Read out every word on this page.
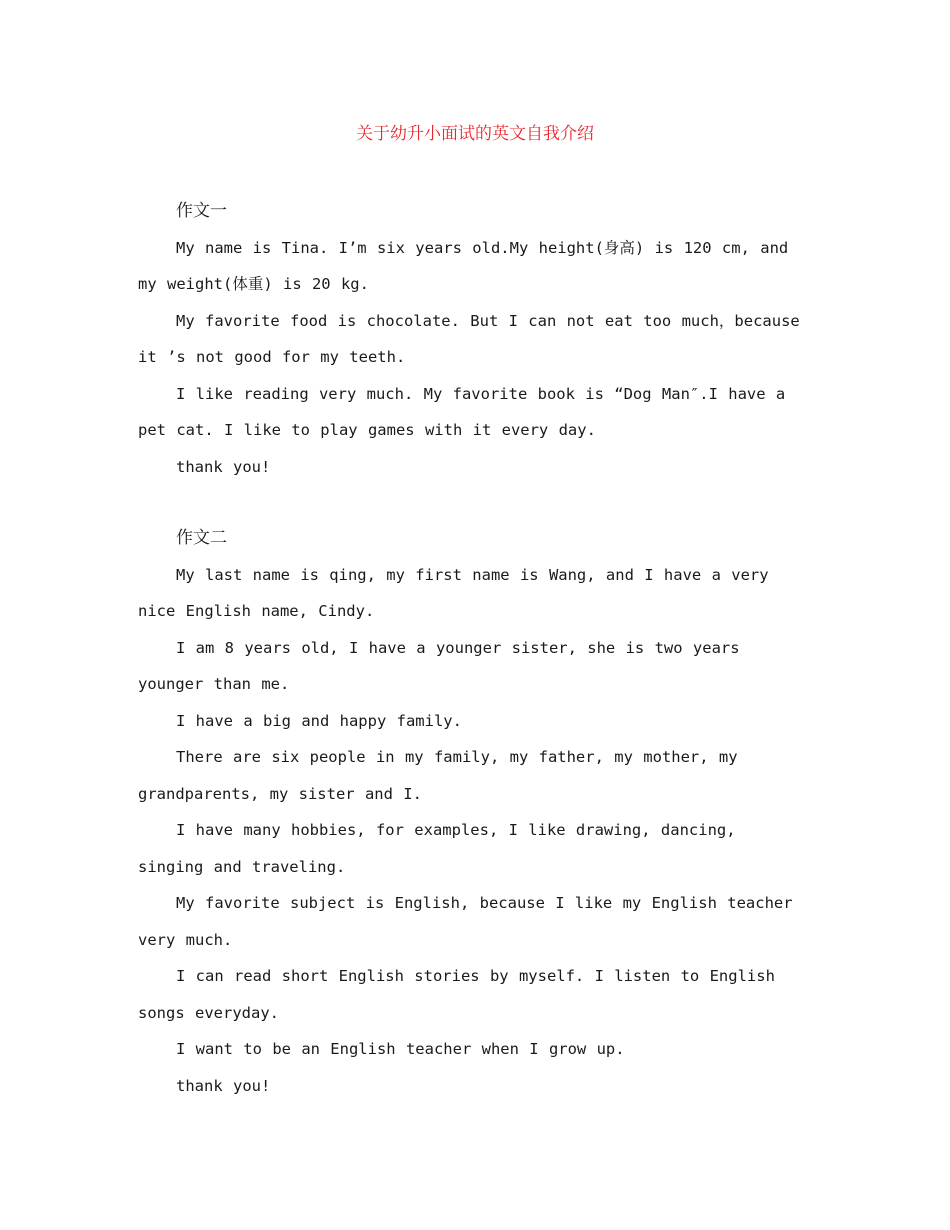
关于幼升小面试的英文自我介绍

作文一

My name is Tina. I’m six years old.My height(身高) is 120 cm, and my weight(体重) is 20 kg.

My favorite food is chocolate. But I can not eat too much，because it ’s not good for my teeth.

I like reading very much. My favorite book is “Dog Man″.I have a pet cat. I like to play games with it every day.

thank you!

作文二

My last name is qing, my first name is Wang, and I have a very nice English name, Cindy.

I am 8 years old, I have a younger sister, she is two years younger than me.

I have a big and happy family.

There are six people in my family, my father, my mother, my grandparents, my sister and I.

I have many hobbies, for examples, I like drawing, dancing, singing and traveling.

My favorite subject is English, because I like my English teacher very much.

I can read short English stories by myself. I listen to English songs everyday.

I want to be an English teacher when I grow up.

thank you!
